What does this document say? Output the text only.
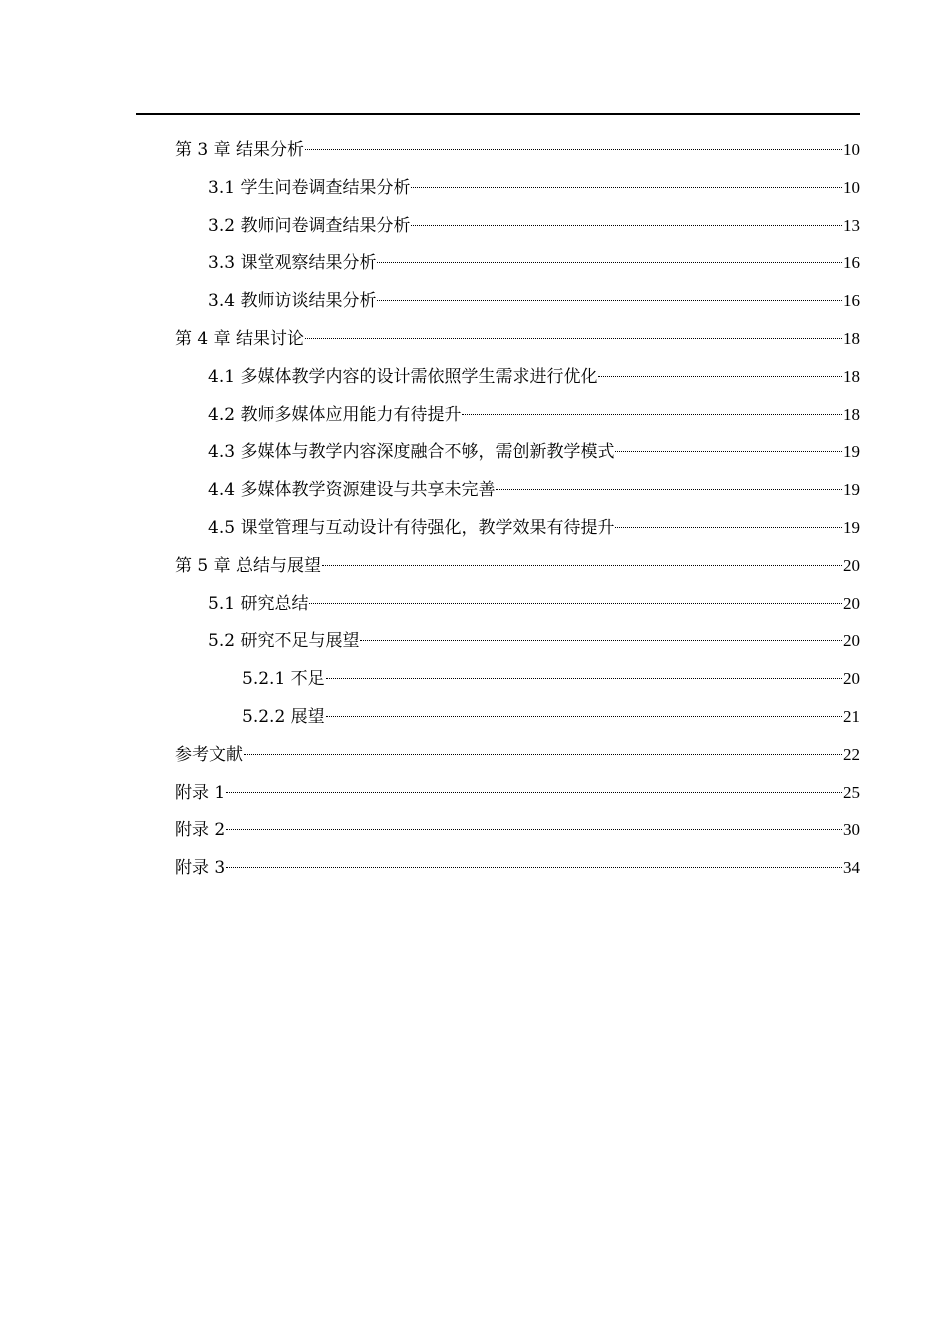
第 3 章 结果分析	10
3.1 学生问卷调查结果分析	10
3.2 教师问卷调查结果分析	13
3.3 课堂观察结果分析	16
3.4 教师访谈结果分析	16
第 4 章 结果讨论	18
4.1 多媒体教学内容的设计需依照学生需求进行优化	18
4.2 教师多媒体应用能力有待提升	18
4.3 多媒体与教学内容深度融合不够，需创新教学模式	19
4.4 多媒体教学资源建设与共享未完善	19
4.5 课堂管理与互动设计有待强化，教学效果有待提升	19
第 5 章 总结与展望	20
5.1 研究总结	20
5.2 研究不足与展望	20
5.2.1 不足	20
5.2.2 展望	21
参考文献	22
附录 1	25
附录 2	30
附录 3	34
